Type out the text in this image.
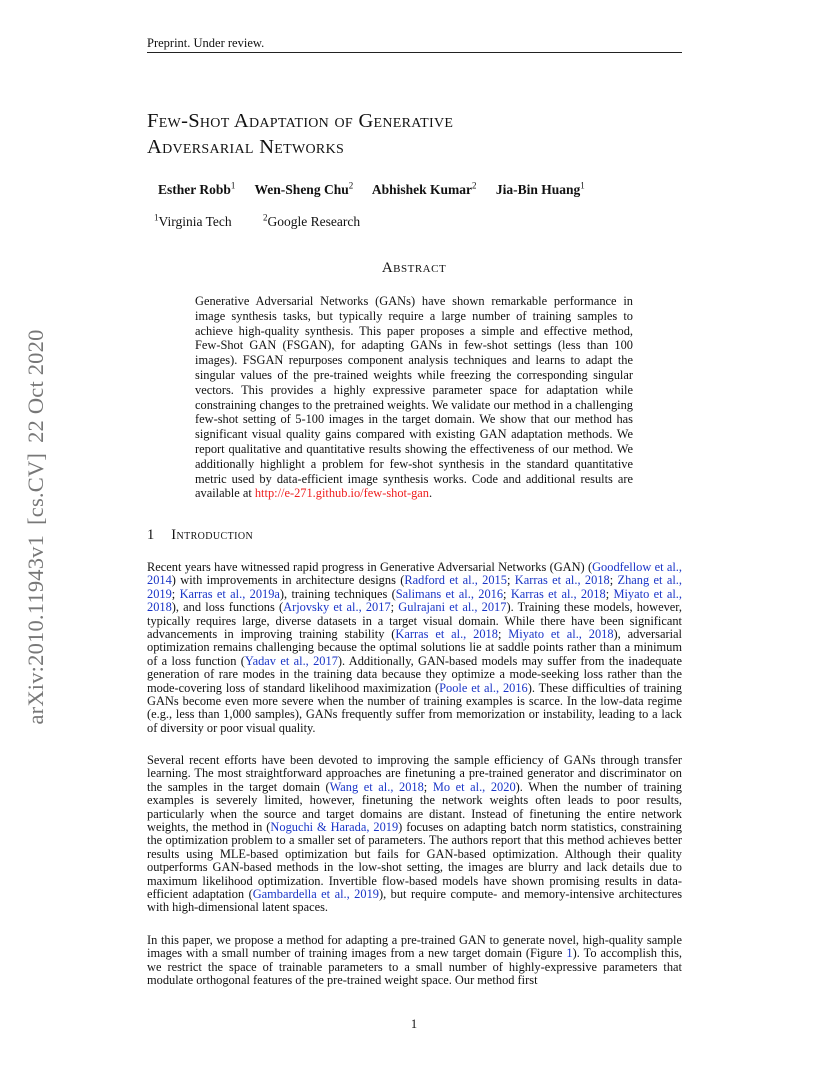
Preprint. Under review.
Few-Shot Adaptation of Generative
Adversarial Networks
Esther Robb$^1$ Wen-Sheng Chu$^2$ Abhishek Kumar$^2$ Jia-Bin Huang$^1$
$^1$Virginia Tech	$^2$Google Research
Abstract
Generative Adversarial Networks (GANs) have shown remarkable performance in image synthesis tasks, but typically require a large number of training samples to achieve high-quality synthesis. This paper proposes a simple and effective method, Few-Shot GAN (FSGAN), for adapting GANs in few-shot settings (less than 100 images). FSGAN repurposes component analysis techniques and learns to adapt the singular values of the pre-trained weights while freezing the corresponding singular vectors. This provides a highly expressive parameter space for adaptation while constraining changes to the pretrained weights. We validate our method in a challenging few-shot setting of 5-100 images in the target domain. We show that our method has significant visual quality gains compared with existing GAN adaptation methods. We report qualitative and quantitative results showing the effectiveness of our method. We additionally highlight a problem for few-shot synthesis in the standard quantitative metric used by data-efficient image synthesis works. Code and additional results are available at http://e-271.github.io/few-shot-gan.
1 Introduction
Recent years have witnessed rapid progress in Generative Adversarial Networks (GAN) (Goodfellow et al., 2014) with improvements in architecture designs (Radford et al., 2015; Karras et al., 2018; Zhang et al., 2019; Karras et al., 2019a), training techniques (Salimans et al., 2016; Karras et al., 2018; Miyato et al., 2018), and loss functions (Arjovsky et al., 2017; Gulrajani et al., 2017). Training these models, however, typically requires large, diverse datasets in a target visual domain. While there have been significant advancements in improving training stability (Karras et al., 2018; Miyato et al., 2018), adversarial optimization remains challenging because the optimal solutions lie at saddle points rather than a minimum of a loss function (Yadav et al., 2017). Additionally, GAN-based models may suffer from the inadequate generation of rare modes in the training data because they optimize a mode-seeking loss rather than the mode-covering loss of standard likelihood maximization (Poole et al., 2016). These difficulties of training GANs become even more severe when the number of training examples is scarce. In the low-data regime (e.g., less than 1,000 samples), GANs frequently suffer from memorization or instability, leading to a lack of diversity or poor visual quality.
Several recent efforts have been devoted to improving the sample efficiency of GANs through transfer learning. The most straightforward approaches are finetuning a pre-trained generator and discriminator on the samples in the target domain (Wang et al., 2018; Mo et al., 2020). When the number of training examples is severely limited, however, finetuning the network weights often leads to poor results, particularly when the source and target domains are distant. Instead of finetuning the entire network weights, the method in (Noguchi & Harada, 2019) focuses on adapting batch norm statistics, constraining the optimization problem to a smaller set of parameters. The authors report that this method achieves better results using MLE-based optimization but fails for GAN-based optimization. Although their quality outperforms GAN-based methods in the low-shot setting, the images are blurry and lack details due to maximum likelihood optimization. Invertible flow-based models have shown promising results in data-efficient adaptation (Gambardella et al., 2019), but require compute- and memory-intensive architectures with high-dimensional latent spaces.
In this paper, we propose a method for adapting a pre-trained GAN to generate novel, high-quality sample images with a small number of training images from a new target domain (Figure 1). To accomplish this, we restrict the space of trainable parameters to a small number of highly-expressive parameters that modulate orthogonal features of the pre-trained weight space. Our method first
1
arXiv:2010.11943v1[cs.CV]22 Oct 2020
